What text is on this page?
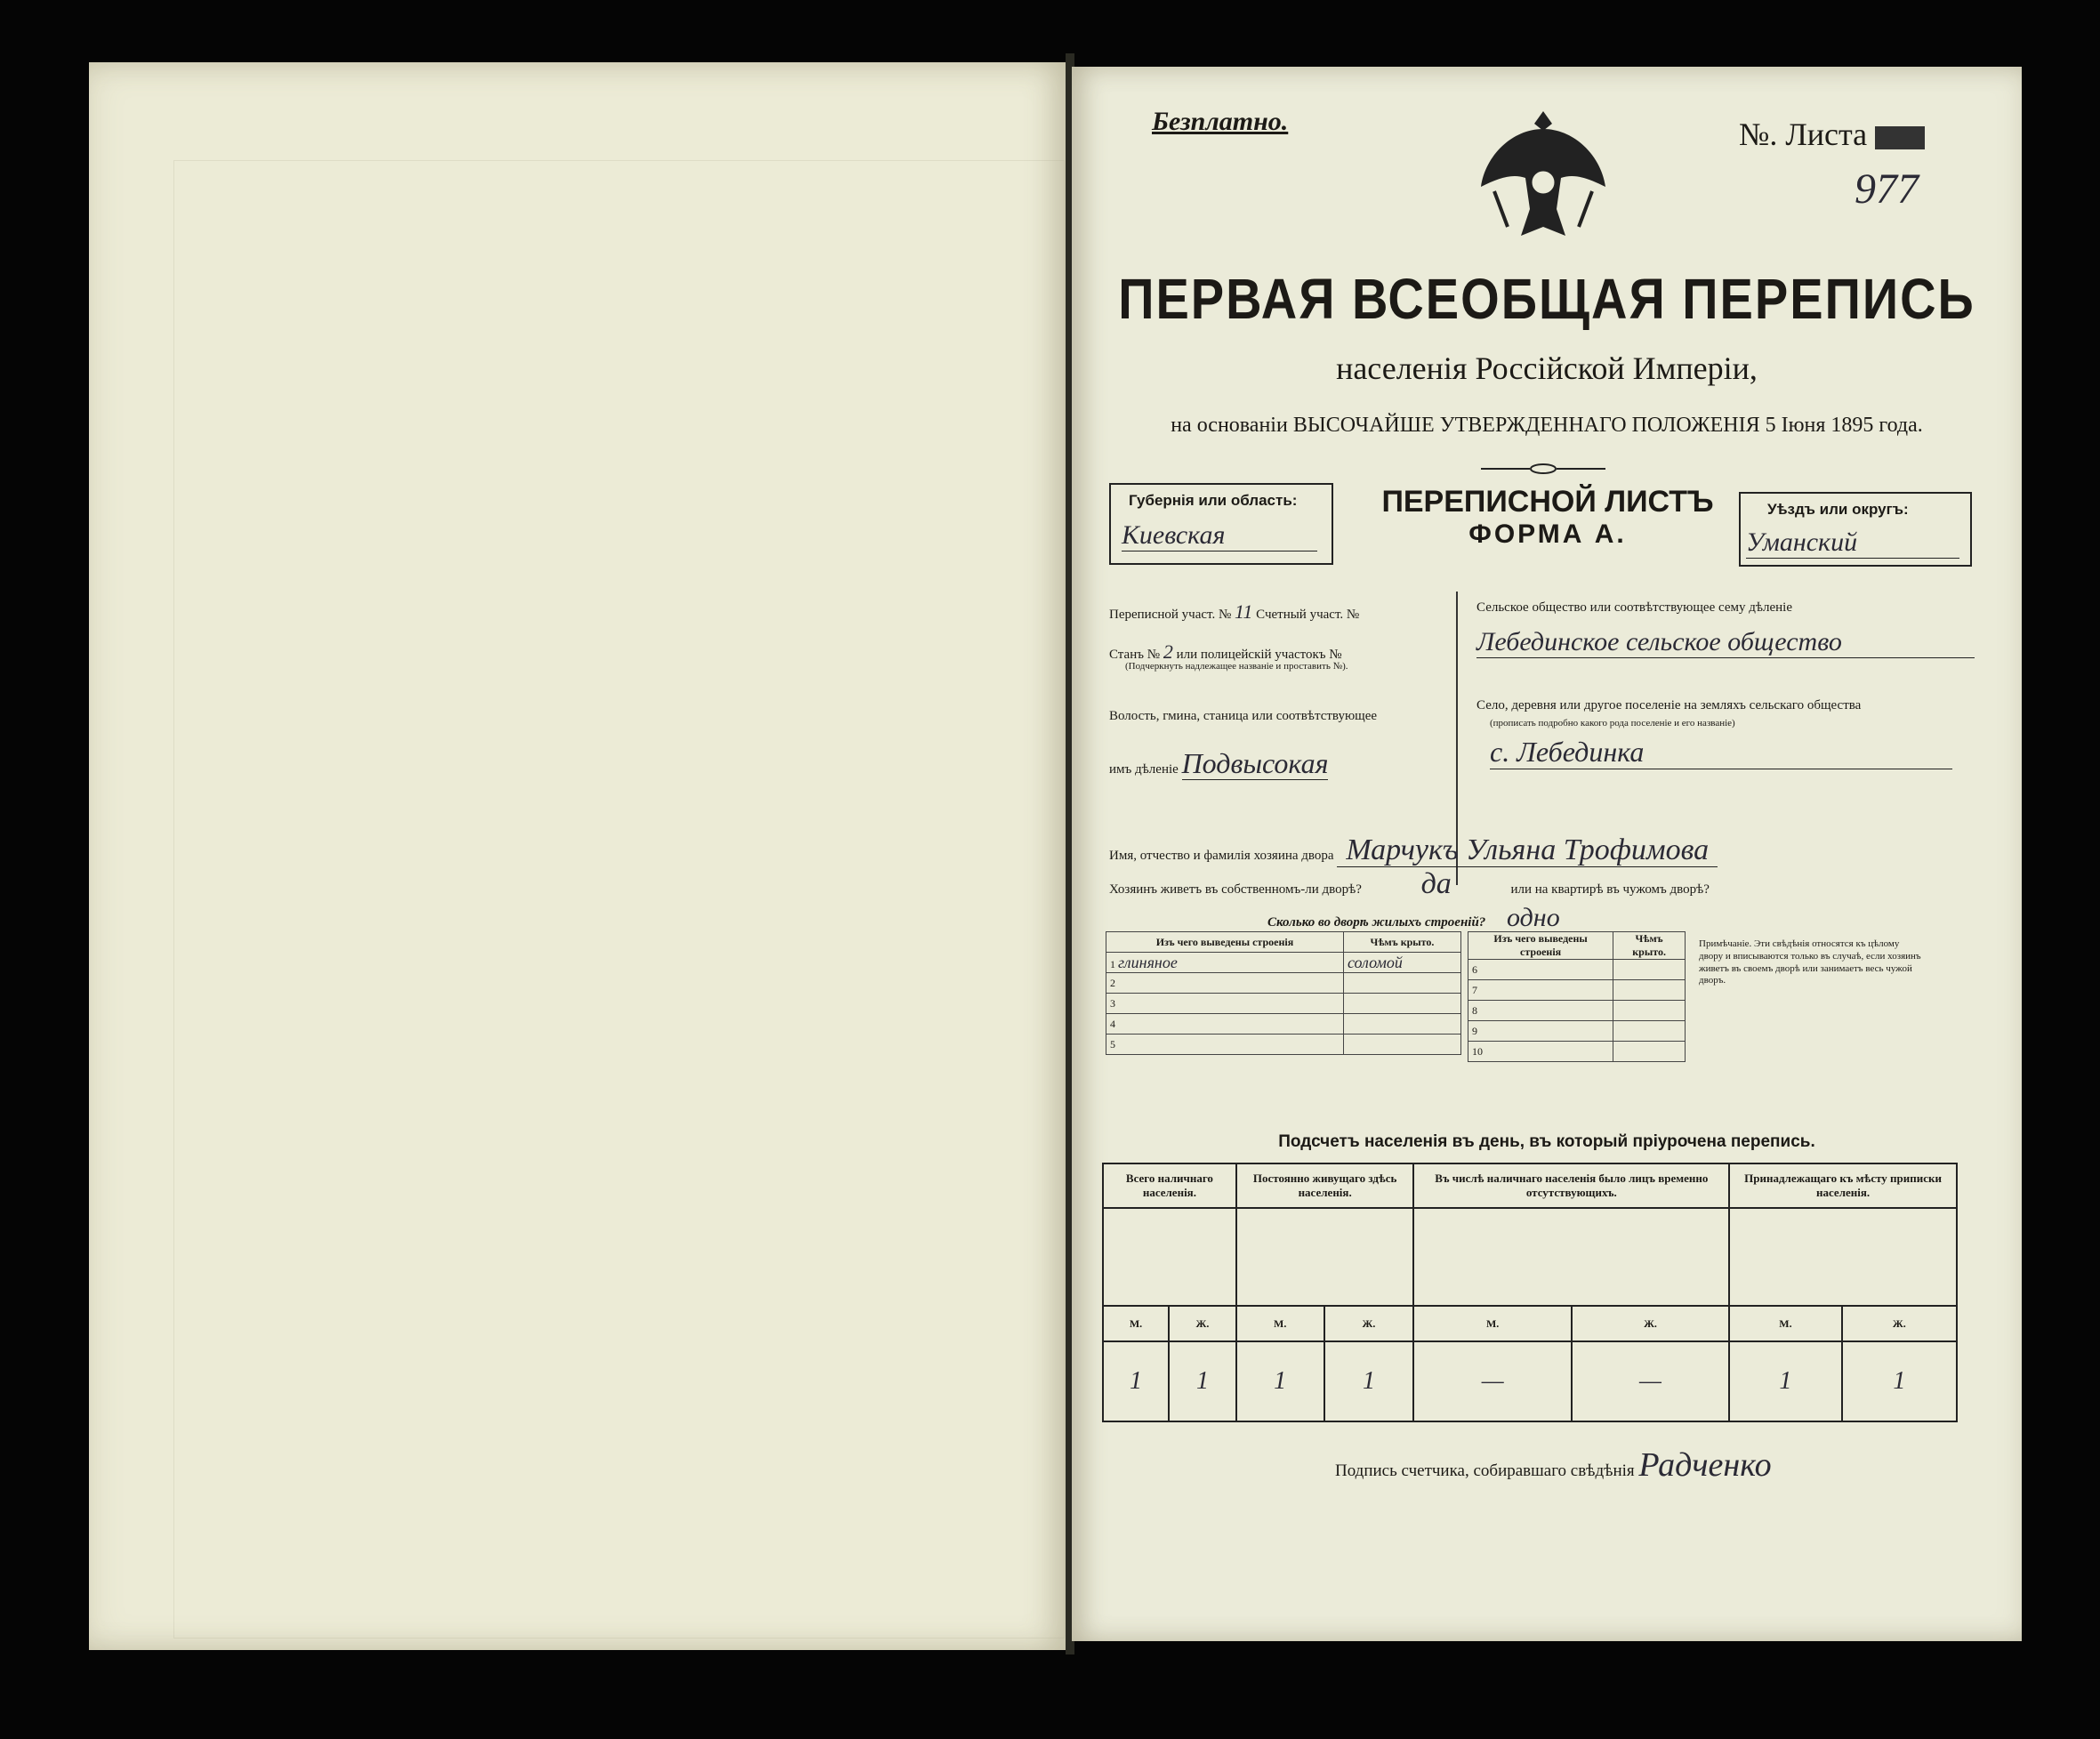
Безплатно.	№. Листа
977
ПЕРВАЯ ВСЕОБЩАЯ ПЕРЕПИСЬ
населенія Россійской Имперіи,
на основаніи ВЫСОЧАЙШЕ УТВЕРЖДЕННАГО ПОЛОЖЕНІЯ 5 Іюня 1895 года.
Губернія или область:
Киевская
ПЕРЕПИСНОЙ ЛИСТЪ
ФОРМА А.
Уѣздъ или округъ:
Уманский
Переписной участ. № 11 Счетный участ. №
Станъ № 2 или полицейскій участокъ №
(Подчеркнуть надлежащее названіе и проставить №).
Волость, гмина, станица или соотвѣтствующее
имъ дѣленіе Подвысокая
Сельское общество или соотвѣтствующее сему дѣленіе
Лебединское сельское общество
Село, деревня или другое поселеніе на земляхъ сельскаго общества
(прописать подробно какого рода поселеніе и его названіе)
с. Лебединка
Имя, отчество и фамилія хозяина двора Марчукъ Ульяна Трофимова
Хозяинъ живетъ въ собственномъ-ли дворѣ? да	или на квартирѣ въ чужомъ дворѣ?
Сколько во дворѣ жилыхъ строеній? одно
Изъ чего выведены строенія	Чѣмъ крыто.
1 глиняное	соломой
2	
3	
4	
5	
Изъ чего выведены строенія	Чѣмъ крыто.
6	
7	
8	
9	
10	
Примѣчаніе. Эти свѣдѣнія относятся къ цѣлому двору и вписываются только въ случаѣ, если хозяинъ живетъ въ своемъ дворѣ или занимаетъ весь чужой дворъ.
Подсчетъ населенія въ день, въ который пріурочена перепись.
Всего наличнаго населенія.		Постоянно живущаго здѣсь населенія.		Въ числѣ наличнаго населенія было лицъ временно отсутствующихъ.		Принадлежащаго къ мѣсту приписки населенія.	

М.	Ж.	М.	Ж.	М.	Ж.	М.	Ж.
1	1	1	1	—	—	1	1
Подпись счетчика, собиравшаго свѣдѣнія Радченко
